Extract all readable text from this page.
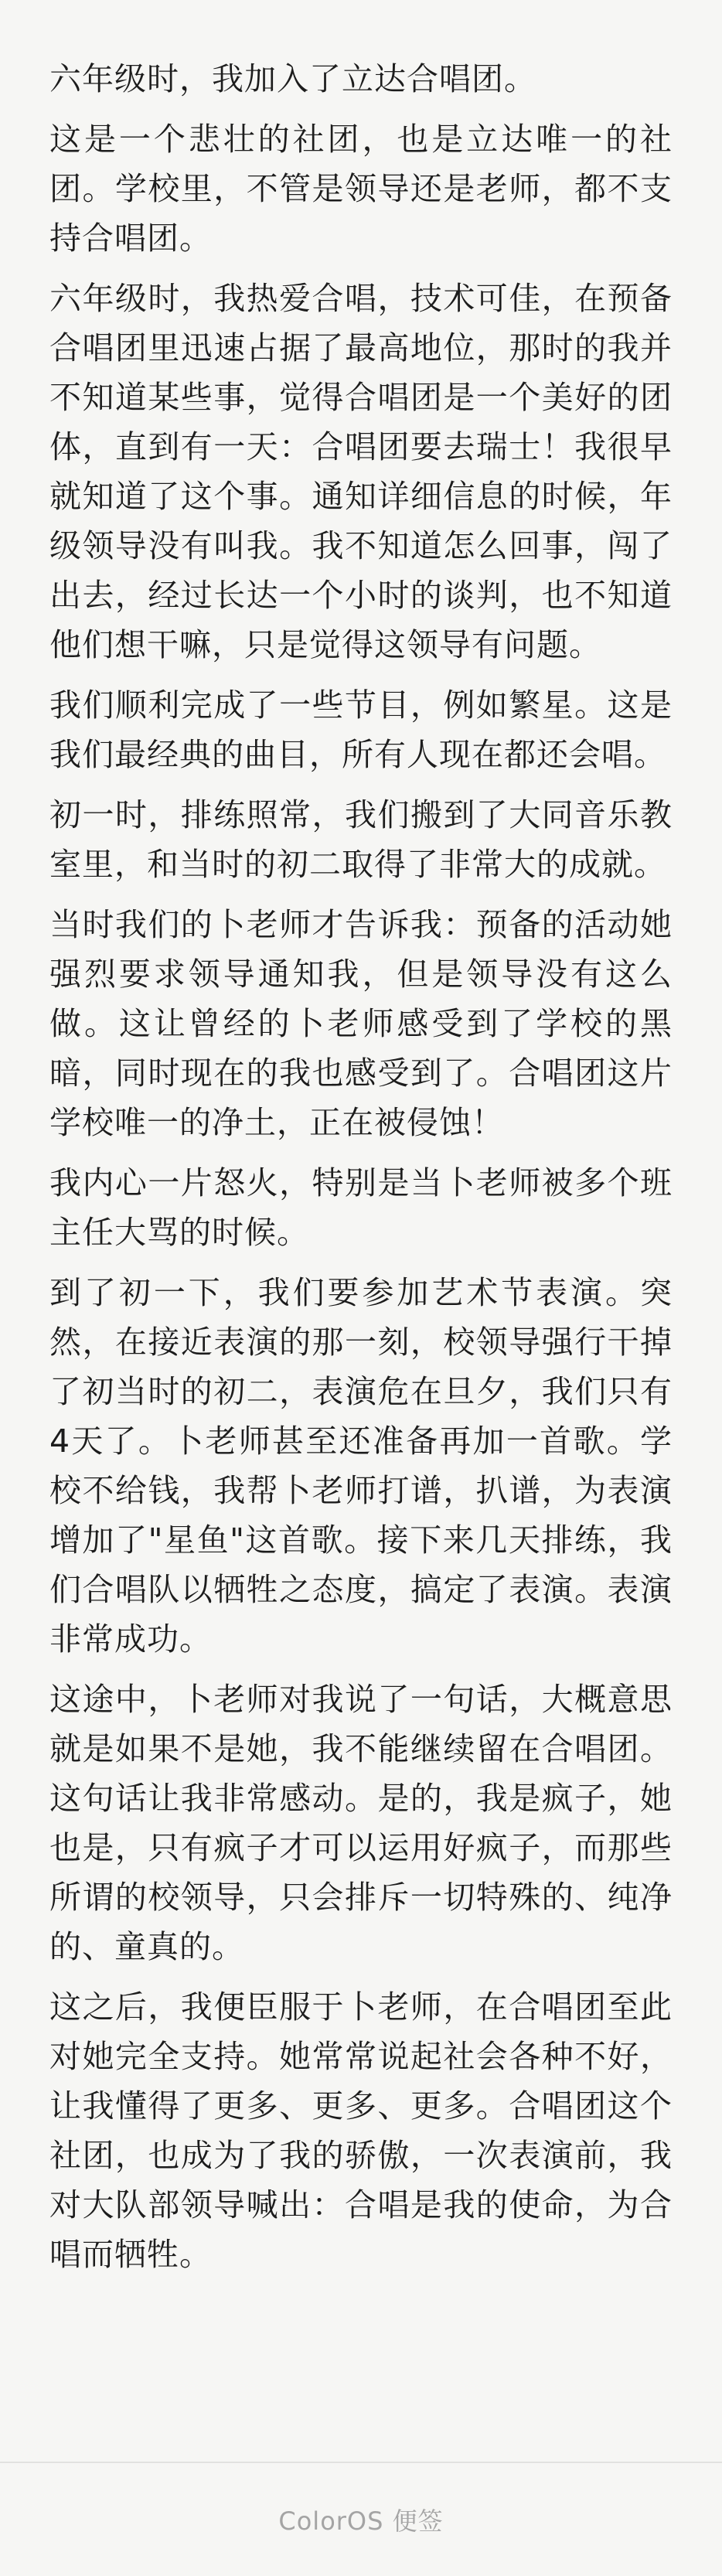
六年级时，我加入了立达合唱团。

这是一个悲壮的社团，也是立达唯一的社团。学校里，不管是领导还是老师，都不支持合唱团。

六年级时，我热爱合唱，技术可佳，在预备合唱团里迅速占据了最高地位，那时的我并不知道某些事，觉得合唱团是一个美好的团体，直到有一天：合唱团要去瑞士！我很早就知道了这个事。通知详细信息的时候，年级领导没有叫我。我不知道怎么回事，闯了出去，经过长达一个小时的谈判，也不知道他们想干嘛，只是觉得这领导有问题。

我们顺利完成了一些节目，例如繁星。这是我们最经典的曲目，所有人现在都还会唱。

初一时，排练照常，我们搬到了大同音乐教室里，和当时的初二取得了非常大的成就。

当时我们的卜老师才告诉我：预备的活动她强烈要求领导通知我，但是领导没有这么做。这让曾经的卜老师感受到了学校的黑暗，同时现在的我也感受到了。合唱团这片学校唯一的净土，正在被侵蚀！

我内心一片怒火，特别是当卜老师被多个班主任大骂的时候。

到了初一下，我们要参加艺术节表演。突然，在接近表演的那一刻，校领导强行干掉了初当时的初二，表演危在旦夕，我们只有4天了。卜老师甚至还准备再加一首歌。学校不给钱，我帮卜老师打谱，扒谱，为表演增加了"星鱼"这首歌。接下来几天排练，我们合唱队以牺牲之态度，搞定了表演。表演非常成功。

这途中，卜老师对我说了一句话，大概意思就是如果不是她，我不能继续留在合唱团。这句话让我非常感动。是的，我是疯子，她也是，只有疯子才可以运用好疯子，而那些所谓的校领导，只会排斥一切特殊的、纯净的、童真的。

这之后，我便臣服于卜老师，在合唱团至此对她完全支持。她常常说起社会各种不好，让我懂得了更多、更多、更多。合唱团这个社团，也成为了我的骄傲，一次表演前，我对大队部领导喊出：合唱是我的使命，为合唱而牺牲。

ColorOS 便签
